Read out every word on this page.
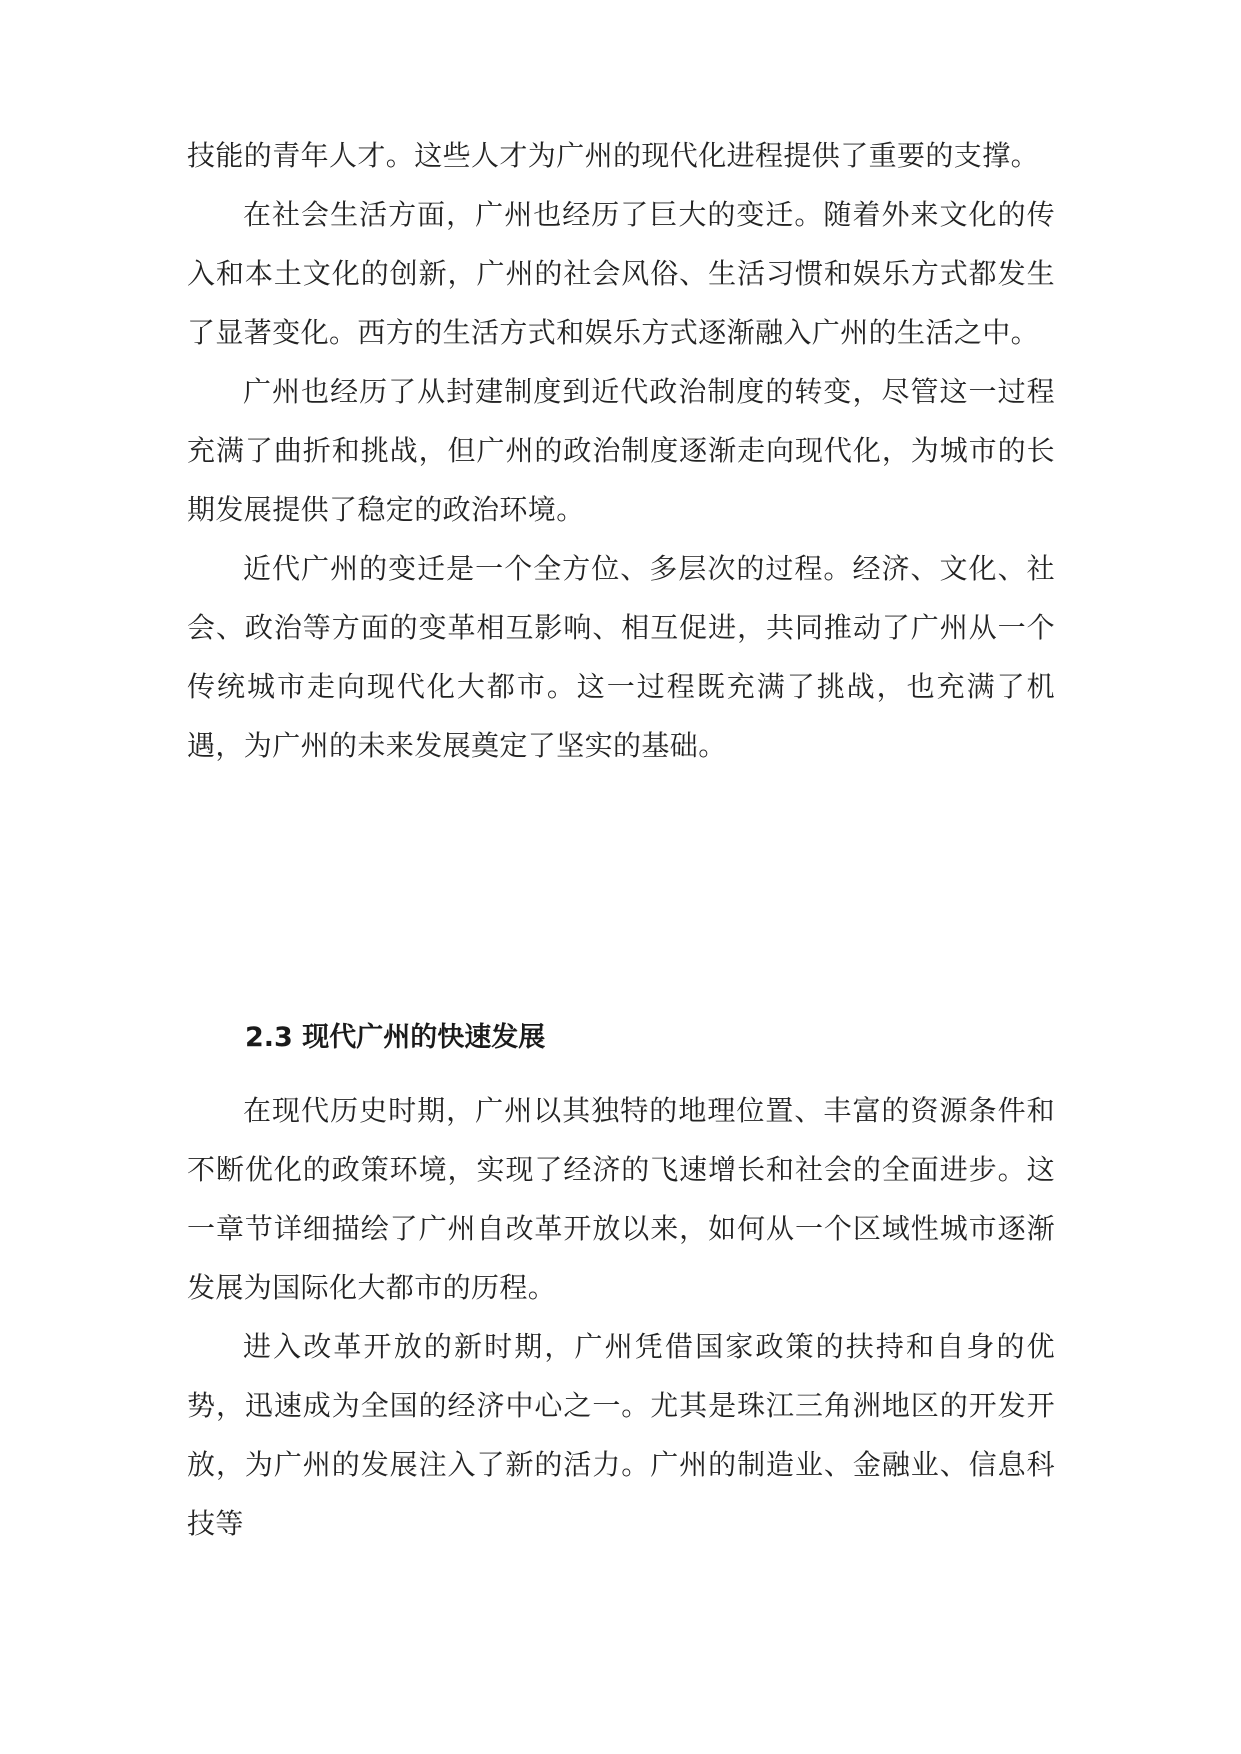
技能的青年人才。这些人才为广州的现代化进程提供了重要的支撑。

在社会生活方面，广州也经历了巨大的变迁。随着外来文化的传入和本土文化的创新，广州的社会风俗、生活习惯和娱乐方式都发生了显著变化。西方的生活方式和娱乐方式逐渐融入广州的生活之中。

广州也经历了从封建制度到近代政治制度的转变，尽管这一过程充满了曲折和挑战，但广州的政治制度逐渐走向现代化，为城市的长期发展提供了稳定的政治环境。

近代广州的变迁是一个全方位、多层次的过程。经济、文化、社会、政治等方面的变革相互影响、相互促进，共同推动了广州从一个传统城市走向现代化大都市。这一过程既充满了挑战，也充满了机遇，为广州的未来发展奠定了坚实的基础。

2.3 现代广州的快速发展

在现代历史时期，广州以其独特的地理位置、丰富的资源条件和不断优化的政策环境，实现了经济的飞速增长和社会的全面进步。这一章节详细描绘了广州自改革开放以来，如何从一个区域性城市逐渐发展为国际化大都市的历程。

进入改革开放的新时期，广州凭借国家政策的扶持和自身的优势，迅速成为全国的经济中心之一。尤其是珠江三角洲地区的开发开放，为广州的发展注入了新的活力。广州的制造业、金融业、信息科技等
